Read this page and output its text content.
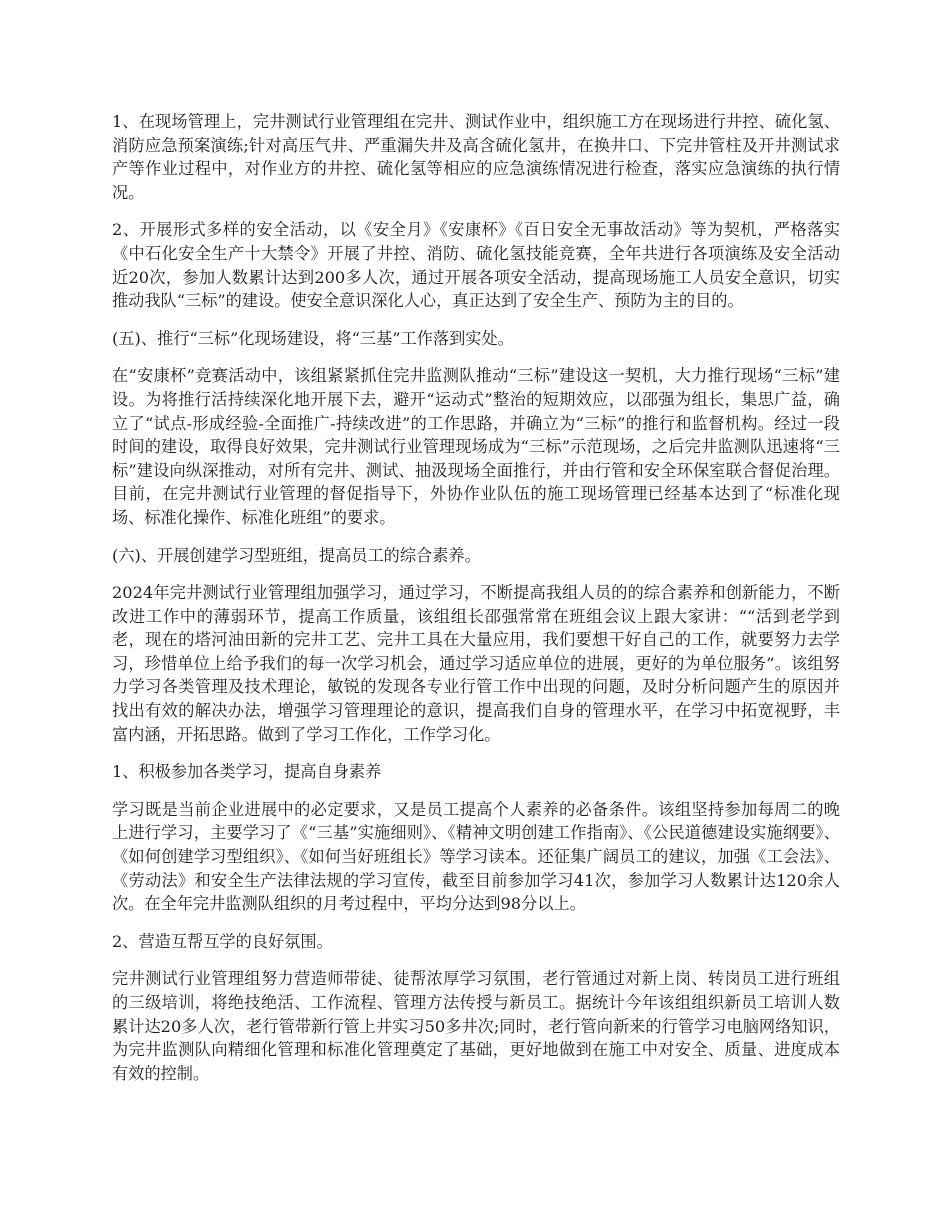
1、在现场管理上，完井测试行业管理组在完井、测试作业中，组织施工方在现场进行井控、硫化氢、消防应急预案演练;针对高压气井、严重漏失井及高含硫化氢井，在换井口、下完井管柱及开井测试求产等作业过程中，对作业方的井控、硫化氢等相应的应急演练情况进行检查，落实应急演练的执行情况。

2、开展形式多样的安全活动，以《安全月》《安康杯》《百日安全无事故活动》等为契机，严格落实《中石化安全生产十大禁令》开展了井控、消防、硫化氢技能竞赛，全年共进行各项演练及安全活动近20次，参加人数累计达到200多人次，通过开展各项安全活动，提高现场施工人员安全意识，切实推动我队“三标”的建设。使安全意识深化人心，真正达到了安全生产、预防为主的目的。

(五)、推行“三标”化现场建设，将“三基”工作落到实处。

在“安康杯”竞赛活动中，该组紧紧抓住完井监测队推动“三标”建设这一契机，大力推行现场“三标”建设。为将推行活持续深化地开展下去，避开“运动式”整治的短期效应，以邵强为组长，集思广益，确立了“试点-形成经验-全面推广-持续改进”的工作思路，并确立为“三标”的推行和监督机构。经过一段时间的建设，取得良好效果，完井测试行业管理现场成为“三标”示范现场，之后完井监测队迅速将“三标”建设向纵深推动，对所有完井、测试、抽汲现场全面推行，并由行管和安全环保室联合督促治理。目前，在完井测试行业管理的督促指导下，外协作业队伍的施工现场管理已经基本达到了“标准化现场、标准化操作、标准化班组”的要求。

(六)、开展创建学习型班组，提高员工的综合素养。

2024年完井测试行业管理组加强学习，通过学习，不断提高我组人员的的综合素养和创新能力，不断改进工作中的薄弱环节，提高工作质量，该组组长邵强常常在班组会议上跟大家讲：““活到老学到老，现在的塔河油田新的完井工艺、完井工具在大量应用，我们要想干好自己的工作，就要努力去学习，珍惜单位上给予我们的每一次学习机会，通过学习适应单位的进展，更好的为单位服务”。该组努力学习各类管理及技术理论，敏锐的发现各专业行管工作中出现的问题，及时分析问题产生的原因并找出有效的解决办法，增强学习管理理论的意识，提高我们自身的管理水平，在学习中拓宽视野，丰富内涵，开拓思路。做到了学习工作化，工作学习化。

1、积极参加各类学习，提高自身素养

学习既是当前企业进展中的必定要求，又是员工提高个人素养的必备条件。该组坚持参加每周二的晚上进行学习，主要学习了《“三基”实施细则》、《精神文明创建工作指南》、《公民道德建设实施纲要》、《如何创建学习型组织》、《如何当好班组长》等学习读本。还征集广阔员工的建议，加强《工会法》、《劳动法》和安全生产法律法规的学习宣传，截至目前参加学习41次，参加学习人数累计达120余人次。在全年完井监测队组织的月考过程中，平均分达到98分以上。

2、营造互帮互学的良好氛围。

完井测试行业管理组努力营造师带徒、徒帮浓厚学习氛围，老行管通过对新上岗、转岗员工进行班组的三级培训，将绝技绝活、工作流程、管理方法传授与新员工。据统计今年该组组织新员工培训人数累计达20多人次，老行管带新行管上井实习50多井次;同时，老行管向新来的行管学习电脑网络知识，为完井监测队向精细化管理和标准化管理奠定了基础，更好地做到在施工中对安全、质量、进度成本有效的控制。
